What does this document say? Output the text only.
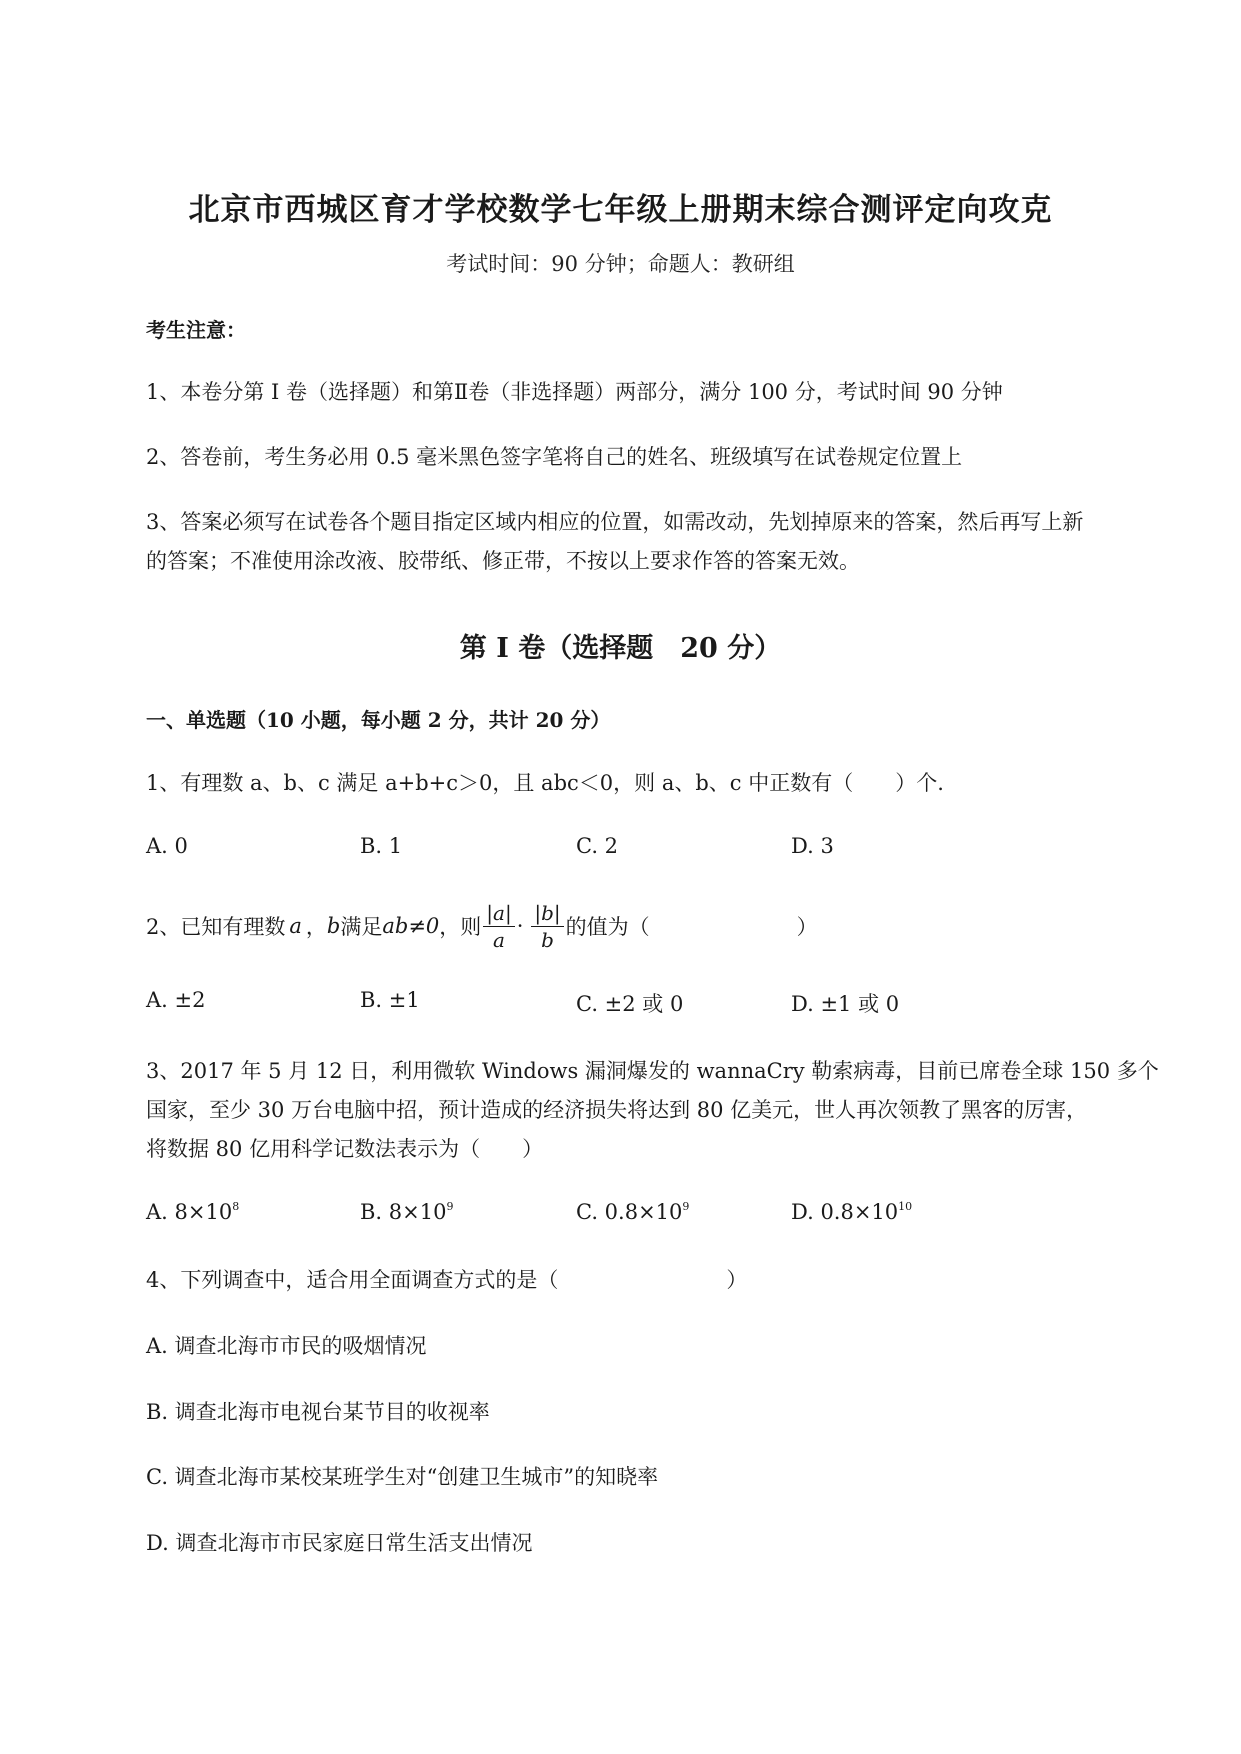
北京市西城区育才学校数学七年级上册期末综合测评定向攻克
考试时间：90 分钟；命题人：教研组
考生注意：
1、本卷分第 I 卷（选择题）和第Ⅱ卷（非选择题）两部分，满分 100 分，考试时间 90 分钟
2、答卷前，考生务必用 0.5 毫米黑色签字笔将自己的姓名、班级填写在试卷规定位置上
3、答案必须写在试卷各个题目指定区域内相应的位置，如需改动，先划掉原来的答案，然后再写上新
的答案；不准使用涂改液、胶带纸、修正带，不按以上要求作答的答案无效。
第 I 卷（选择题　20 分）
一、单选题（10 小题，每小题 2 分，共计 20 分）
1、有理数 a、b、c 满足 a+b+c＞0，且 abc＜0，则 a、b、c 中正数有（　　）个.
A. 0	B. 1	C. 2	D. 3
2、已知有理数 a ， b 满足 ab≠0 ，则 $\frac{|a|}{a} \cdot \frac{|b|}{b}$ 的值为（　　　　　　　）
A. ±2	B. ±1	C. ±2 或 0	D. ±1 或 0
3、2017 年 5 月 12 日，利用微软 Windows 漏洞爆发的 wannaCry 勒索病毒，目前已席卷全球 150 多个
国家，至少 30 万台电脑中招，预计造成的经济损失将达到 80 亿美元，世人再次领教了黑客的厉害，
将数据 80 亿用科学记数法表示为（　　）
A. $8\times 10^8$	B. $8\times 10^9$	C. $0.8\times 10^9$	D. $0.8\times 10^{10}$
4、下列调查中，适合用全面调查方式的是（　　　　　　　　）
A. 调查北海市市民的吸烟情况
B. 调查北海市电视台某节目的收视率
C. 调查北海市某校某班学生对“创建卫生城市”的知晓率
D. 调查北海市市民家庭日常生活支出情况
